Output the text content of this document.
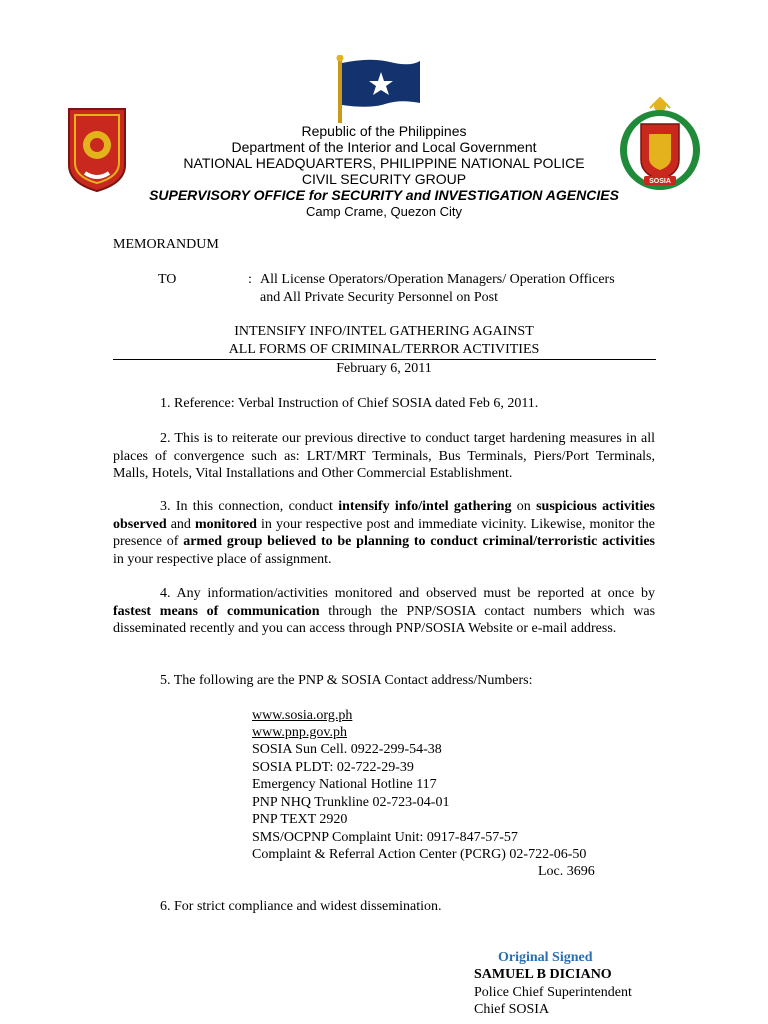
SOSIA
Republic of the Philippines
Department of the Interior and Local Government
NATIONAL HEADQUARTERS, PHILIPPINE NATIONAL POLICE
CIVIL SECURITY GROUP
SUPERVISORY OFFICE for SECURITY and INVESTIGATION AGENCIES
Camp Crame, Quezon City
MEMORANDUM
TO	: All License Operators/Operation Managers/ Operation Officers
and All Private Security Personnel on Post
INTENSIFY INFO/INTEL GATHERING AGAINST
ALL FORMS OF CRIMINAL/TERROR ACTIVITIES
February 6, 2011
1. Reference: Verbal Instruction of Chief SOSIA dated Feb 6, 2011.
2. This is to reiterate our previous directive to conduct target hardening measures in all places of convergence such as: LRT/MRT Terminals, Bus Terminals, Piers/Port Terminals, Malls, Hotels, Vital Installations and Other Commercial Establishment.
3. In this connection, conduct intensify info/intel gathering on suspicious activities observed and monitored in your respective post and immediate vicinity. Likewise, monitor the presence of armed group believed to be planning to conduct criminal/terroristic activities in your respective place of assignment.
4. Any information/activities monitored and observed must be reported at once by fastest means of communication through the PNP/SOSIA contact numbers which was disseminated recently and you can access through PNP/SOSIA Website or e-mail address.
5. The following are the PNP & SOSIA Contact address/Numbers:
www.sosia.org.ph
www.pnp.gov.ph
SOSIA Sun Cell. 0922-299-54-38
SOSIA PLDT: 02-722-29-39
Emergency National Hotline 117
PNP NHQ Trunkline 02-723-04-01
PNP TEXT 2920
SMS/OCPNP Complaint Unit: 0917-847-57-57
Complaint & Referral Action Center (PCRG) 02-722-06-50
Loc. 3696
6. For strict compliance and widest dissemination.
Original Signed
SAMUEL B DICIANO
Police Chief Superintendent
Chief SOSIA
